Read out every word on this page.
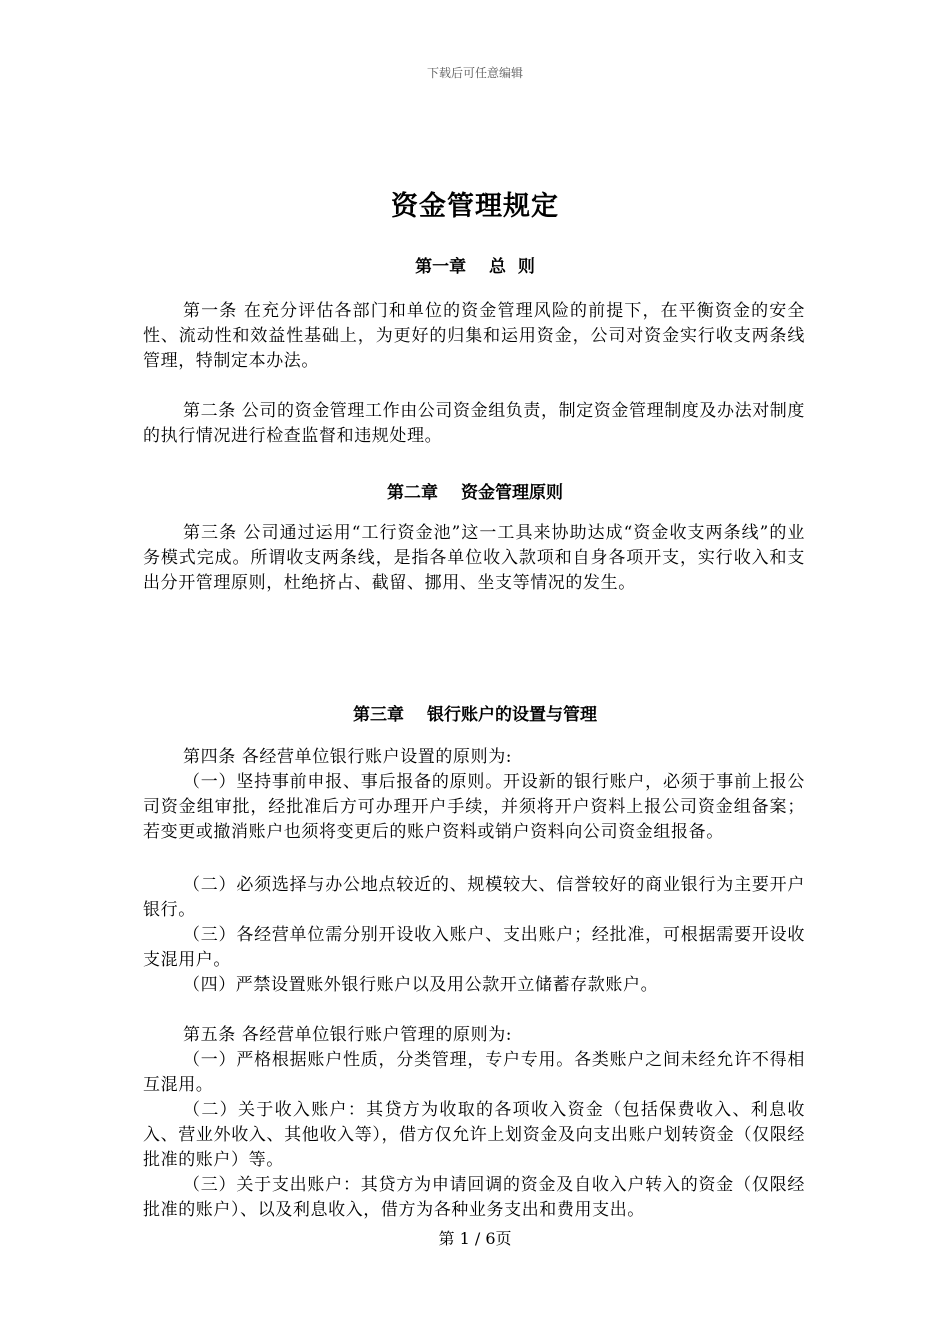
下载后可任意编辑
资金管理规定
第一章　 总  则
第一条 在充分评估各部门和单位的资金管理风险的前提下，在平衡资金的安全性、流动性和效益性基础上，为更好的归集和运用资金，公司对资金实行收支两条线管理，特制定本办法。
第二条 公司的资金管理工作由公司资金组负责，制定资金管理制度及办法对制度的执行情况进行检查监督和违规处理。
第二章　 资金管理原则
第三条 公司通过运用“工行资金池”这一工具来协助达成“资金收支两条线”的业务模式完成。所谓收支两条线，是指各单位收入款项和自身各项开支，实行收入和支出分开管理原则，杜绝挤占、截留、挪用、坐支等情况的发生。
第三章　 银行账户的设置与管理
第四条 各经营单位银行账户设置的原则为:
（一）坚持事前申报、事后报备的原则。开设新的银行账户，必须于事前上报公司资金组审批，经批准后方可办理开户手续，并须将开户资料上报公司资金组备案；若变更或撤消账户也须将变更后的账户资料或销户资料向公司资金组报备。
（二）必须选择与办公地点较近的、规模较大、信誉较好的商业银行为主要开户银行。
（三）各经营单位需分别开设收入账户、支出账户；经批准，可根据需要开设收支混用户。
（四）严禁设置账外银行账户以及用公款开立储蓄存款账户。
第五条 各经营单位银行账户管理的原则为:
（一）严格根据账户性质，分类管理，专户专用。各类账户之间未经允许不得相互混用。
（二）关于收入账户：其贷方为收取的各项收入资金（包括保费收入、利息收入、营业外收入、其他收入等），借方仅允许上划资金及向支出账户划转资金（仅限经批准的账户）等。
（三）关于支出账户：其贷方为申请回调的资金及自收入户转入的资金（仅限经批准的账户）、以及利息收入，借方为各种业务支出和费用支出。
第 1 / 6页
